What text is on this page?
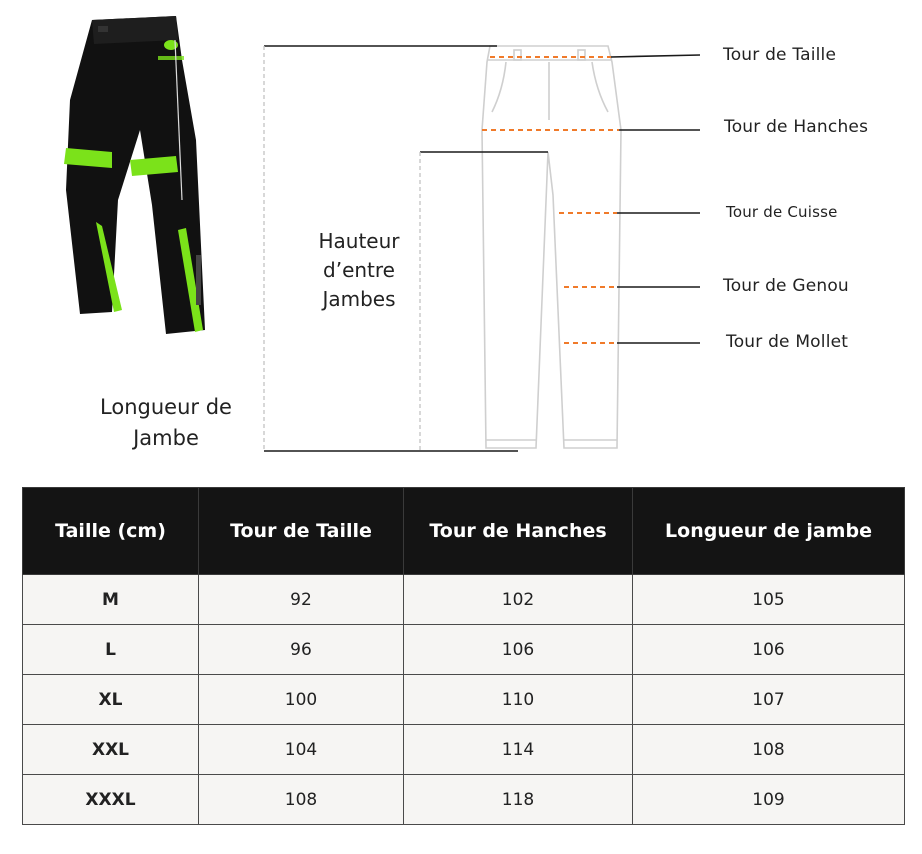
Tour de Taille
Tour de Hanches
Tour de Cuisse
Tour de Genou
Tour de Mollet
Hauteur
d’entre
Jambes
Longueur de
Jambe
Taille (cm)	Tour de Taille	Tour de Hanches	Longueur de jambe
M	92	102	105
L	96	106	106
XL	100	110	107
XXL	104	114	108
XXXL	108	118	109
